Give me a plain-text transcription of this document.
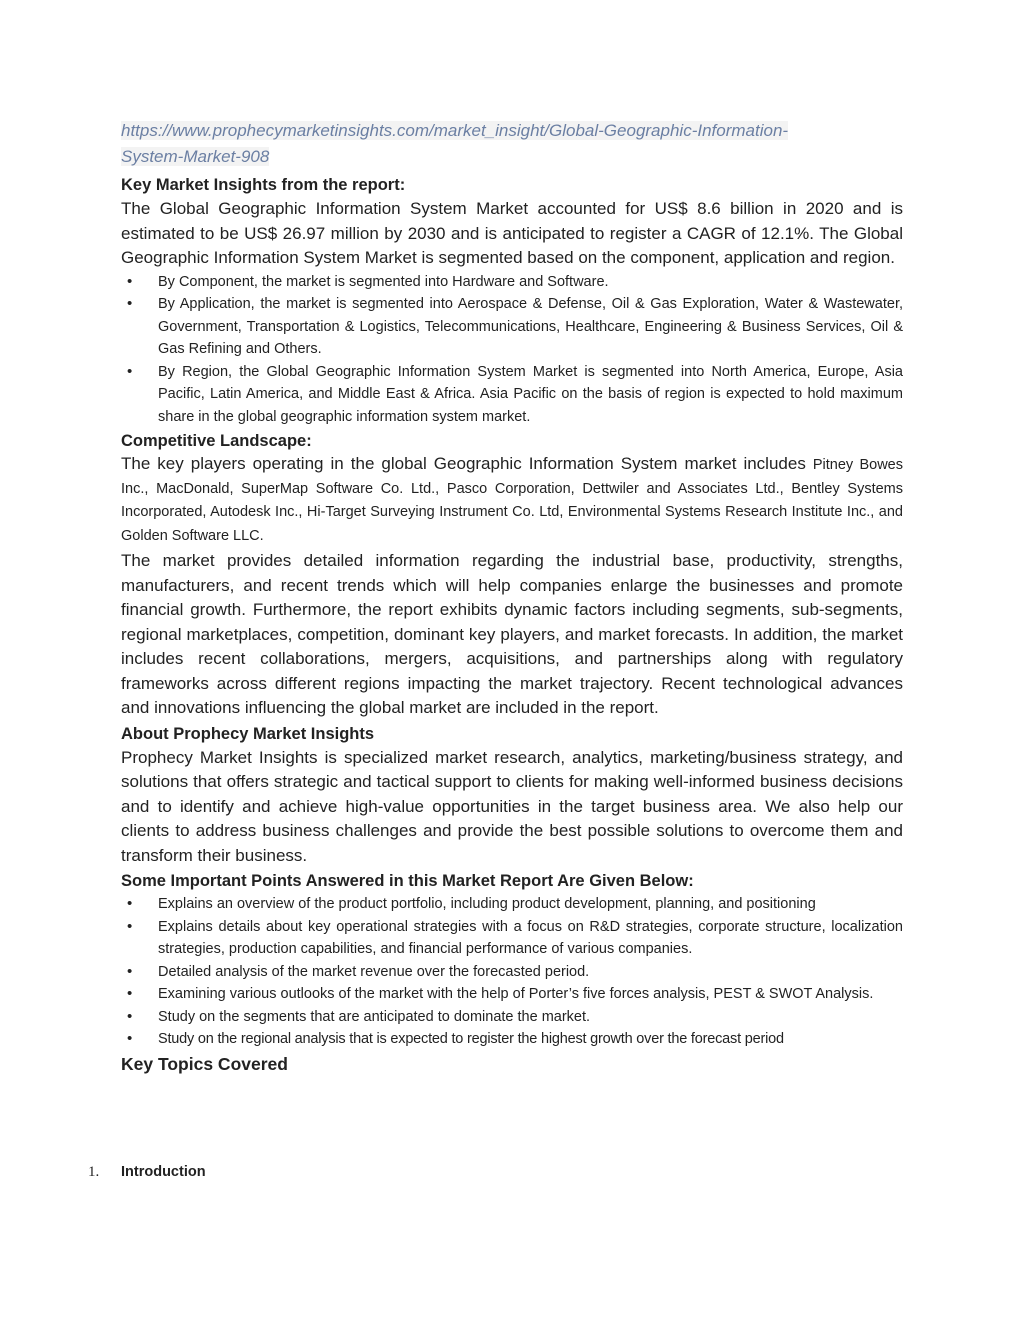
https://www.prophecymarketinsights.com/market_insight/Global-Geographic-Information-
System-Market-908

Key Market Insights from the report:

The Global Geographic Information System Market accounted for US$ 8.6 billion in 2020 and is estimated to be US$ 26.97 million by 2030 and is anticipated to register a CAGR of 12.1%. The Global Geographic Information System Market is segmented based on the component, application and region.

• By Component, the market is segmented into Hardware and Software.
• By Application, the market is segmented into Aerospace & Defense, Oil & Gas Exploration, Water & Wastewater, Government, Transportation & Logistics, Telecommunications, Healthcare, Engineering & Business Services, Oil & Gas Refining and Others.
• By Region, the Global Geographic Information System Market is segmented into North America, Europe, Asia Pacific, Latin America, and Middle East & Africa. Asia Pacific on the basis of region is expected to hold maximum share in the global geographic information system market.

Competitive Landscape:

The key players operating in the global Geographic Information System market includes Pitney Bowes Inc., MacDonald, SuperMap Software Co. Ltd., Pasco Corporation, Dettwiler and Associates Ltd., Bentley Systems Incorporated, Autodesk Inc., Hi-Target Surveying Instrument Co. Ltd, Environmental Systems Research Institute Inc., and Golden Software LLC.

The market provides detailed information regarding the industrial base, productivity, strengths, manufacturers, and recent trends which will help companies enlarge the businesses and promote financial growth. Furthermore, the report exhibits dynamic factors including segments, sub-segments, regional marketplaces, competition, dominant key players, and market forecasts. In addition, the market includes recent collaborations, mergers, acquisitions, and partnerships along with regulatory frameworks across different regions impacting the market trajectory. Recent technological advances and innovations influencing the global market are included in the report.

About Prophecy Market Insights

Prophecy Market Insights is specialized market research, analytics, marketing/business strategy, and solutions that offers strategic and tactical support to clients for making well-informed business decisions and to identify and achieve high-value opportunities in the target business area. We also help our clients to address business challenges and provide the best possible solutions to overcome them and transform their business.

Some Important Points Answered in this Market Report Are Given Below:

• Explains an overview of the product portfolio, including product development, planning, and positioning
• Explains details about key operational strategies with a focus on R&D strategies, corporate structure, localization strategies, production capabilities, and financial performance of various companies.
• Detailed analysis of the market revenue over the forecasted period.
• Examining various outlooks of the market with the help of Porter’s five forces analysis, PEST & SWOT Analysis.
• Study on the segments that are anticipated to dominate the market.
• Study on the regional analysis that is expected to register the highest growth over the forecast period

Key Topics Covered

1. Introduction
